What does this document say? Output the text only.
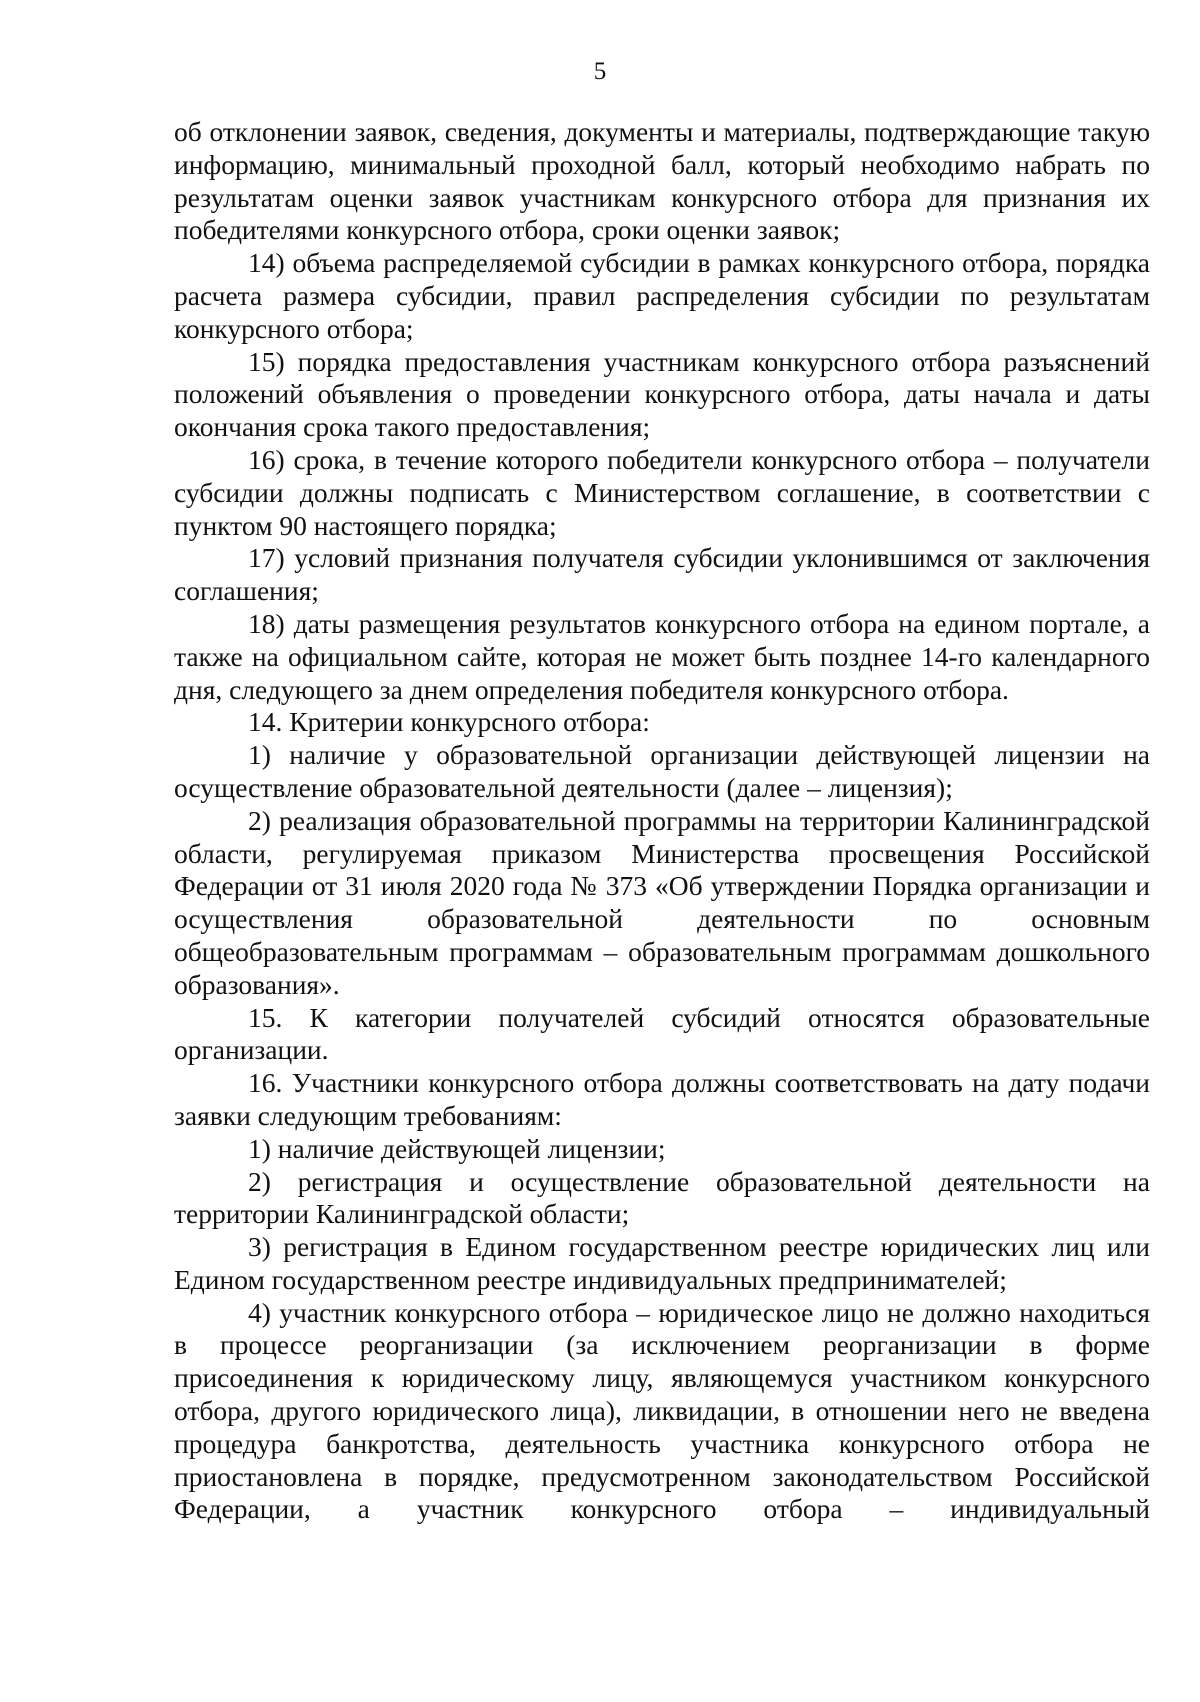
5

об отклонении заявок, сведения, документы и материалы, подтверждающие такую информацию, минимальный проходной балл, который необходимо набрать по результатам оценки заявок участникам конкурсного отбора для признания их победителями конкурсного отбора, сроки оценки заявок;

14) объема распределяемой субсидии в рамках конкурсного отбора, порядка расчета размера субсидии, правил распределения субсидии по результатам конкурсного отбора;

15) порядка предоставления участникам конкурсного отбора разъяснений положений объявления о проведении конкурсного отбора, даты начала и даты окончания срока такого предоставления;

16) срока, в течение которого победители конкурсного отбора – получатели субсидии должны подписать с Министерством соглашение, в соответствии с пунктом 90 настоящего порядка;

17) условий признания получателя субсидии уклонившимся от заключения соглашения;

18) даты размещения результатов конкурсного отбора на едином портале, а также на официальном сайте, которая не может быть позднее 14-го календарного дня, следующего за днем определения победителя конкурсного отбора.

14. Критерии конкурсного отбора:

1) наличие у образовательной организации действующей лицензии на осуществление образовательной деятельности (далее – лицензия);

2) реализация образовательной программы на территории Калининградской области, регулируемая приказом Министерства просвещения Российской Федерации от 31 июля 2020 года № 373 «Об утверждении Порядка организации и осуществления образовательной деятельности по основным общеобразовательным программам – образовательным программам дошкольного образования».

15. К категории получателей субсидий относятся образовательные организации.

16. Участники конкурсного отбора должны соответствовать на дату подачи заявки следующим требованиям:

1) наличие действующей лицензии;

2) регистрация и осуществление образовательной деятельности на территории Калининградской области;

3) регистрация в Едином государственном реестре юридических лиц или Едином государственном реестре индивидуальных предпринимателей;

4) участник конкурсного отбора – юридическое лицо не должно находиться в процессе реорганизации (за исключением реорганизации в форме присоединения к юридическому лицу, являющемуся участником конкурсного отбора, другого юридического лица), ликвидации, в отношении него не введена процедура банкротства, деятельность участника конкурсного отбора не приостановлена в порядке, предусмотренном законодательством Российской Федерации, а участник конкурсного отбора – индивидуальный
